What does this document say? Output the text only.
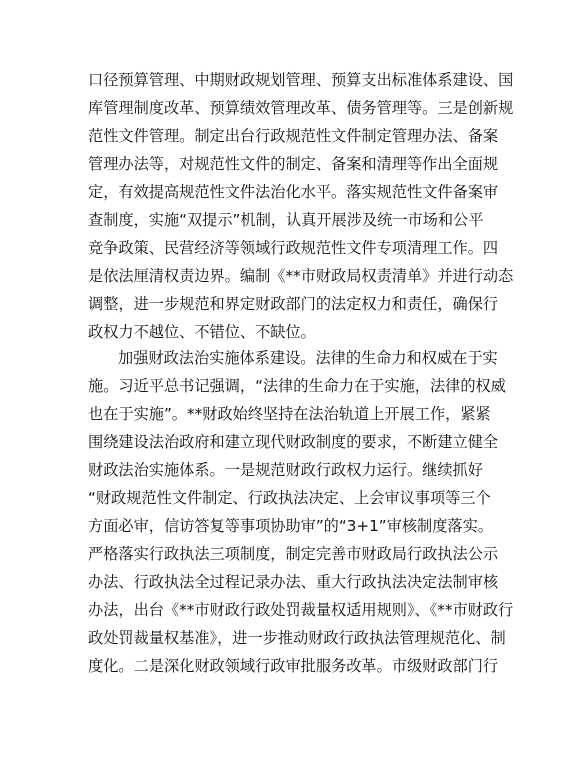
口径预算管理、中期财政规划管理、预算支出标准体系建设、国
库管理制度改革、预算绩效管理改革、债务管理等。三是创新规
范性文件管理。制定出台行政规范性文件制定管理办法、备案
管理办法等，对规范性文件的制定、备案和清理等作出全面规
定，有效提高规范性文件法治化水平。落实规范性文件备案审
查制度，实施“双提示”机制，认真开展涉及统一市场和公平
竞争政策、民营经济等领域行政规范性文件专项清理工作。四
是依法厘清权责边界。编制《**市财政局权责清单》并进行动态
调整，进一步规范和界定财政部门的法定权力和责任，确保行
政权力不越位、不错位、不缺位。
加强财政法治实施体系建设。法律的生命力和权威在于实
施。习近平总书记强调，“法律的生命力在于实施，法律的权威
也在于实施”。**财政始终坚持在法治轨道上开展工作，紧紧
围绕建设法治政府和建立现代财政制度的要求，不断建立健全
财政法治实施体系。一是规范财政行政权力运行。继续抓好
“财政规范性文件制定、行政执法决定、上会审议事项等三个
方面必审，信访答复等事项协助审”的“3+1”审核制度落实。
严格落实行政执法三项制度，制定完善市财政局行政执法公示
办法、行政执法全过程记录办法、重大行政执法决定法制审核
办法，出台《**市财政行政处罚裁量权适用规则》、《**市财政行
政处罚裁量权基准》，进一步推动财政行政执法管理规范化、制
度化。二是深化财政领域行政审批服务改革。市级财政部门行
